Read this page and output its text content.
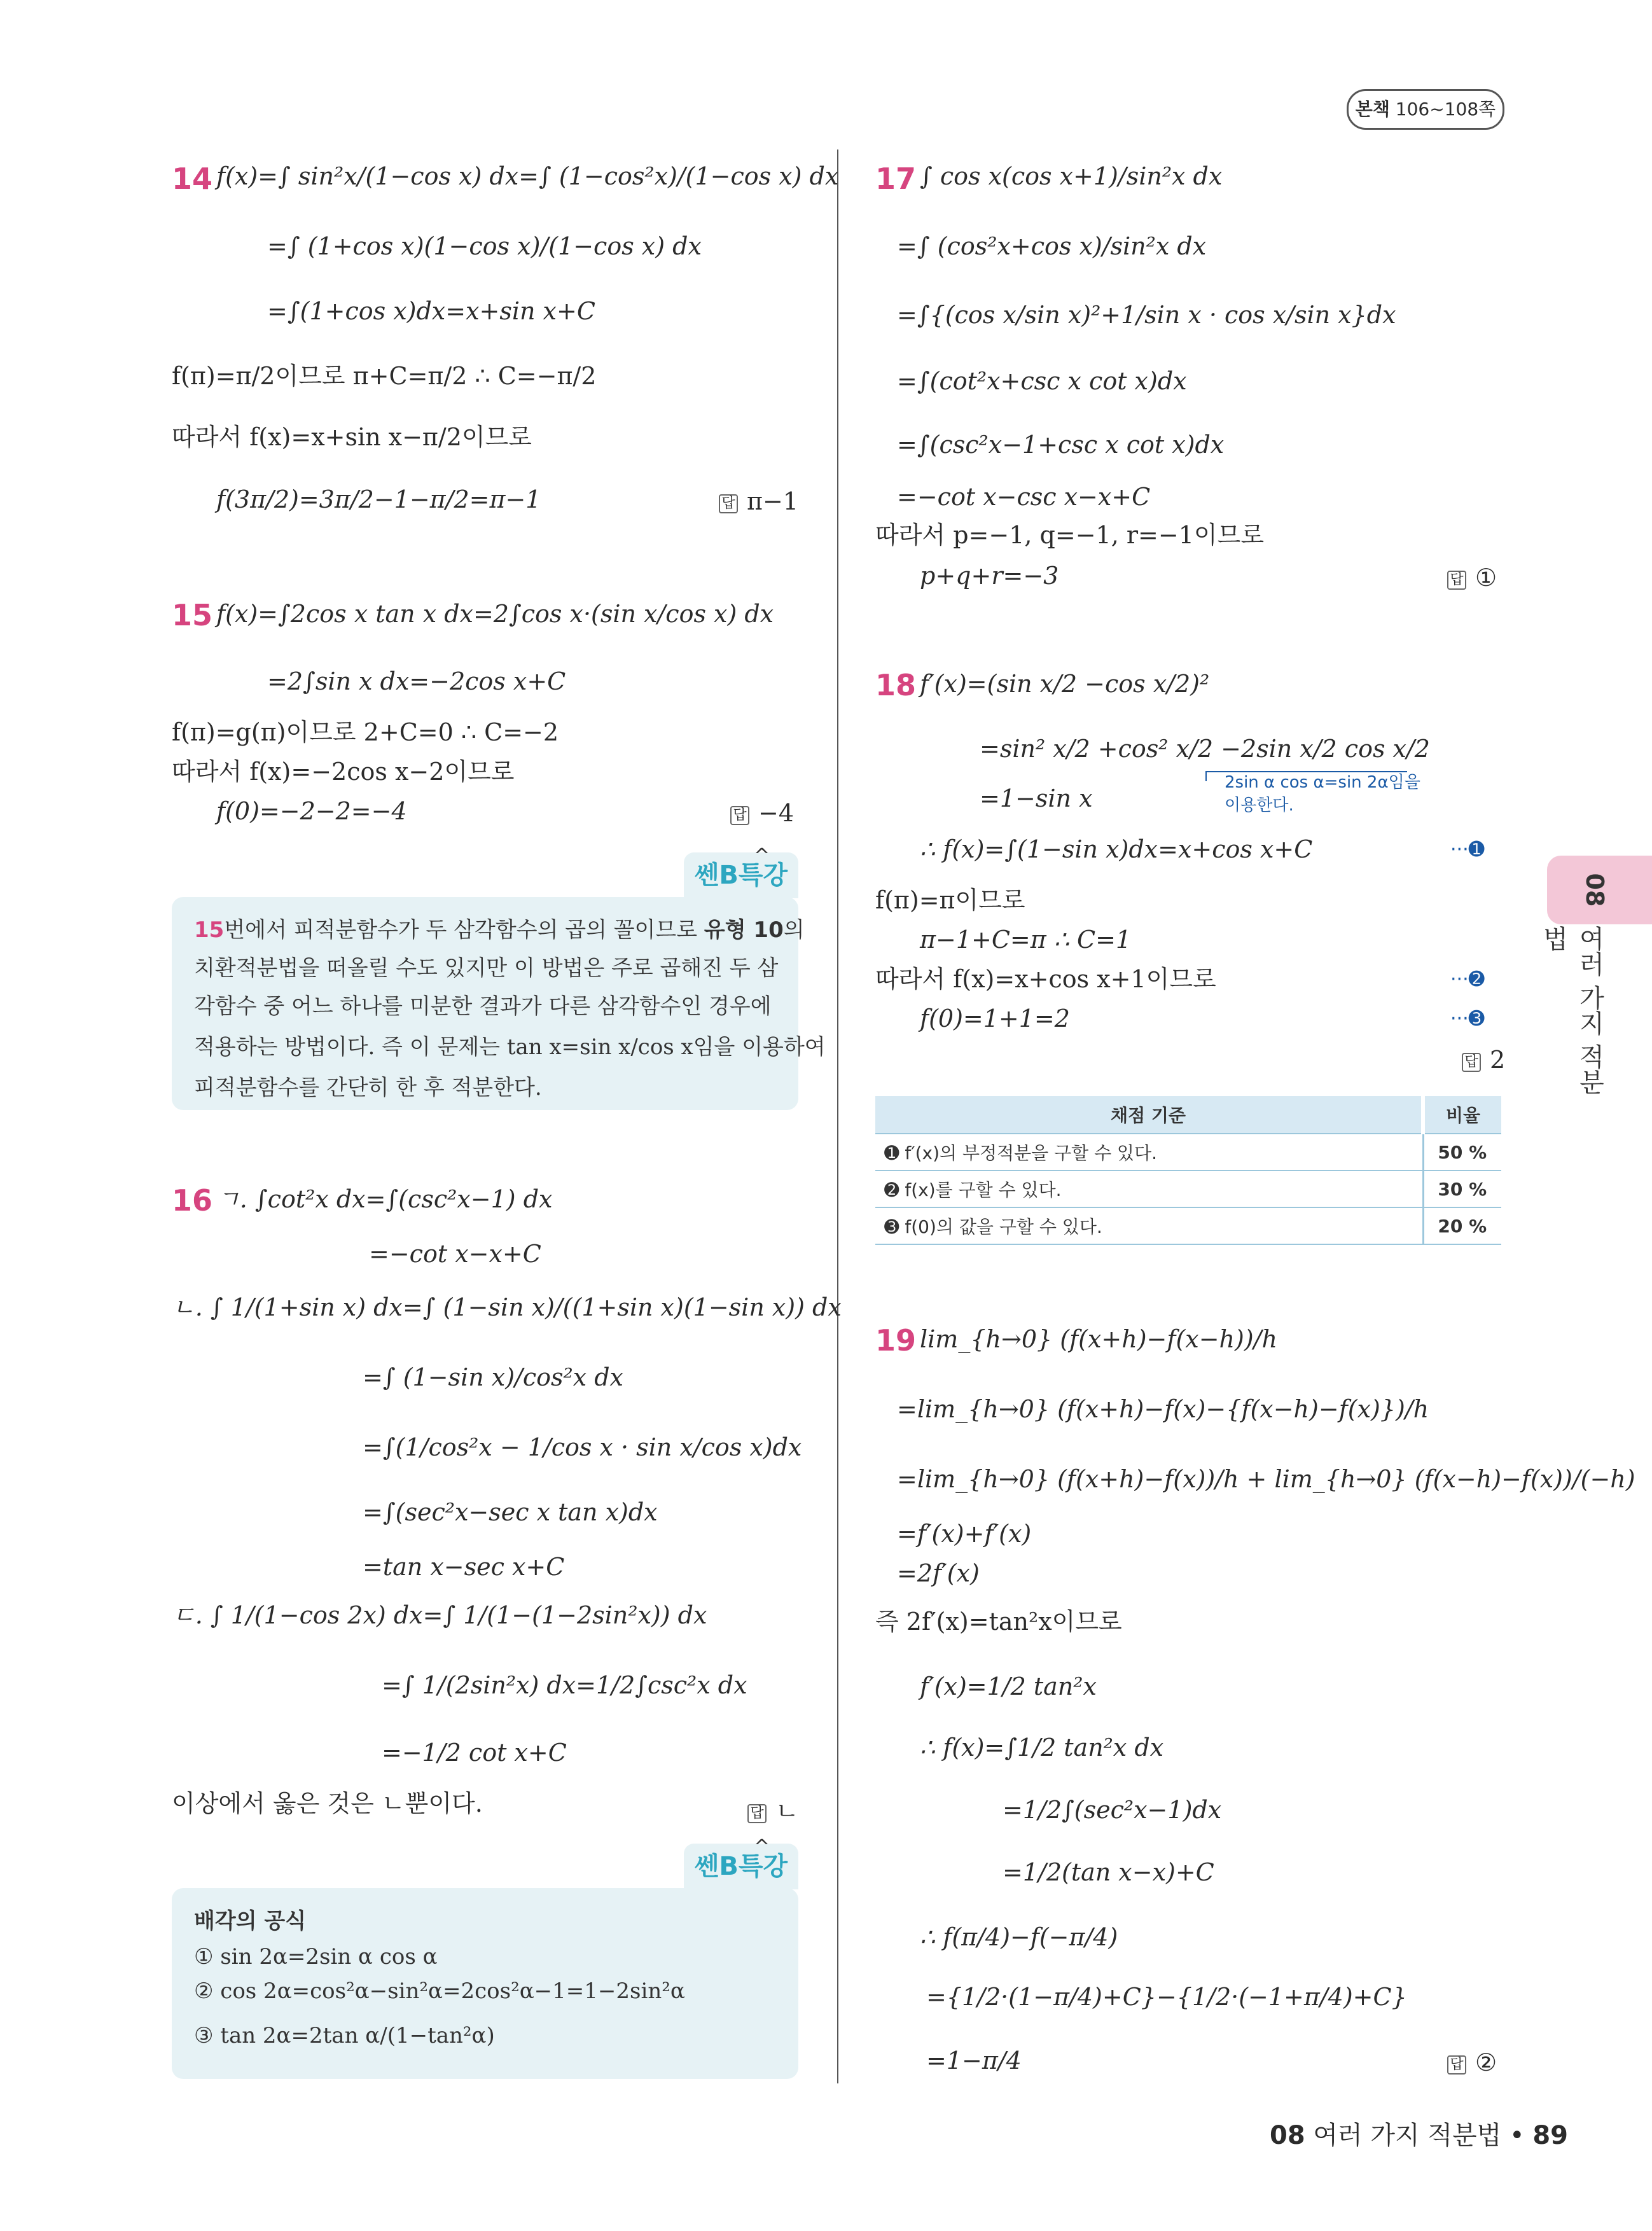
본책 106~108쪽
14 f(x)=∫ sin²x/(1−cos x) dx=∫ (1−cos²x)/(1−cos x) dx
=∫ (1+cos x)(1−cos x)/(1−cos x) dx
=∫(1+cos x)dx=x+sin x+C
f(π)=π/2이므로 π+C=π/2 ∴ C=−π/2
따라서 f(x)=x+sin x−π/2이므로
f(3π/2)=3π/2−1−π/2=π−1	답 π−1
15 f(x)=∫2cos x tan x dx=2∫cos x·(sin x/cos x) dx
=2∫sin x dx=−2cos x+C
f(π)=g(π)이므로 2+C=0 ∴ C=−2
따라서 f(x)=−2cos x−2이므로
f(0)=−2−2=−4	답 −4
^
쎈B특강
15번에서 피적분함수가 두 삼각함수의 곱의 꼴이므로 유형 10의
치환적분법을 떠올릴 수도 있지만 이 방법은 주로 곱해진 두 삼
각함수 중 어느 하나를 미분한 결과가 다른 삼각함수인 경우에
적용하는 방법이다. 즉 이 문제는 tan x=sin x/cos x임을 이용하여
피적분함수를 간단히 한 후 적분한다.
16 ㄱ. ∫cot²x dx=∫(csc²x−1) dx
=−cot x−x+C
ㄴ. ∫ 1/(1+sin x) dx=∫ (1−sin x)/((1+sin x)(1−sin x)) dx
=∫ (1−sin x)/cos²x dx
=∫(1/cos²x − 1/cos x · sin x/cos x)dx
=∫(sec²x−sec x tan x)dx
=tan x−sec x+C
ㄷ. ∫ 1/(1−cos 2x) dx=∫ 1/(1−(1−2sin²x)) dx
=∫ 1/(2sin²x) dx=1/2∫csc²x dx
=−1/2 cot x+C
이상에서 옳은 것은 ㄴ뿐이다.	답 ㄴ
^
쎈B특강
배각의 공식
① sin 2α=2sin α cos α
② cos 2α=cos²α−sin²α=2cos²α−1=1−2sin²α
③ tan 2α=2tan α/(1−tan²α)
17 ∫ cos x(cos x+1)/sin²x dx
=∫ (cos²x+cos x)/sin²x dx
=∫{(cos x/sin x)²+1/sin x · cos x/sin x}dx
=∫(cot²x+csc x cot x)dx
=∫(csc²x−1+csc x cot x)dx
=−cot x−csc x−x+C
따라서 p=−1, q=−1, r=−1이므로
p+q+r=−3	답 ①
18 f′(x)=(sin x/2 −cos x/2)²
=sin² x/2 +cos² x/2 −2sin x/2 cos x/2
=1−sin x
2sin α cos α=sin 2α임을
이용한다.
∴ f(x)=∫(1−sin x)dx=x+cos x+C	···➊
f(π)=π이므로
π−1+C=π ∴ C=1
따라서 f(x)=x+cos x+1이므로	···➋
f(0)=1+1=2	···➌
답 2
채점 기준	비율
➊ f′(x)의 부정적분을 구할 수 있다.	50 %
➋ f(x)를 구할 수 있다.	30 %
➌ f(0)의 값을 구할 수 있다.	20 %
19 lim_{h→0} (f(x+h)−f(x−h))/h
=lim_{h→0} (f(x+h)−f(x)−{f(x−h)−f(x)})/h
=lim_{h→0} (f(x+h)−f(x))/h + lim_{h→0} (f(x−h)−f(x))/(−h)
=f′(x)+f′(x)
=2f′(x)
즉 2f′(x)=tan²x이므로
f′(x)=1/2 tan²x
∴ f(x)=∫1/2 tan²x dx
=1/2∫(sec²x−1)dx
=1/2(tan x−x)+C
∴ f(π/4)−f(−π/4)
={1/2·(1−π/4)+C}−{1/2·(−1+π/4)+C}
=1−π/4	답 ②
08
여러 가지 적분법
08 여러 가지 적분법 • 89
